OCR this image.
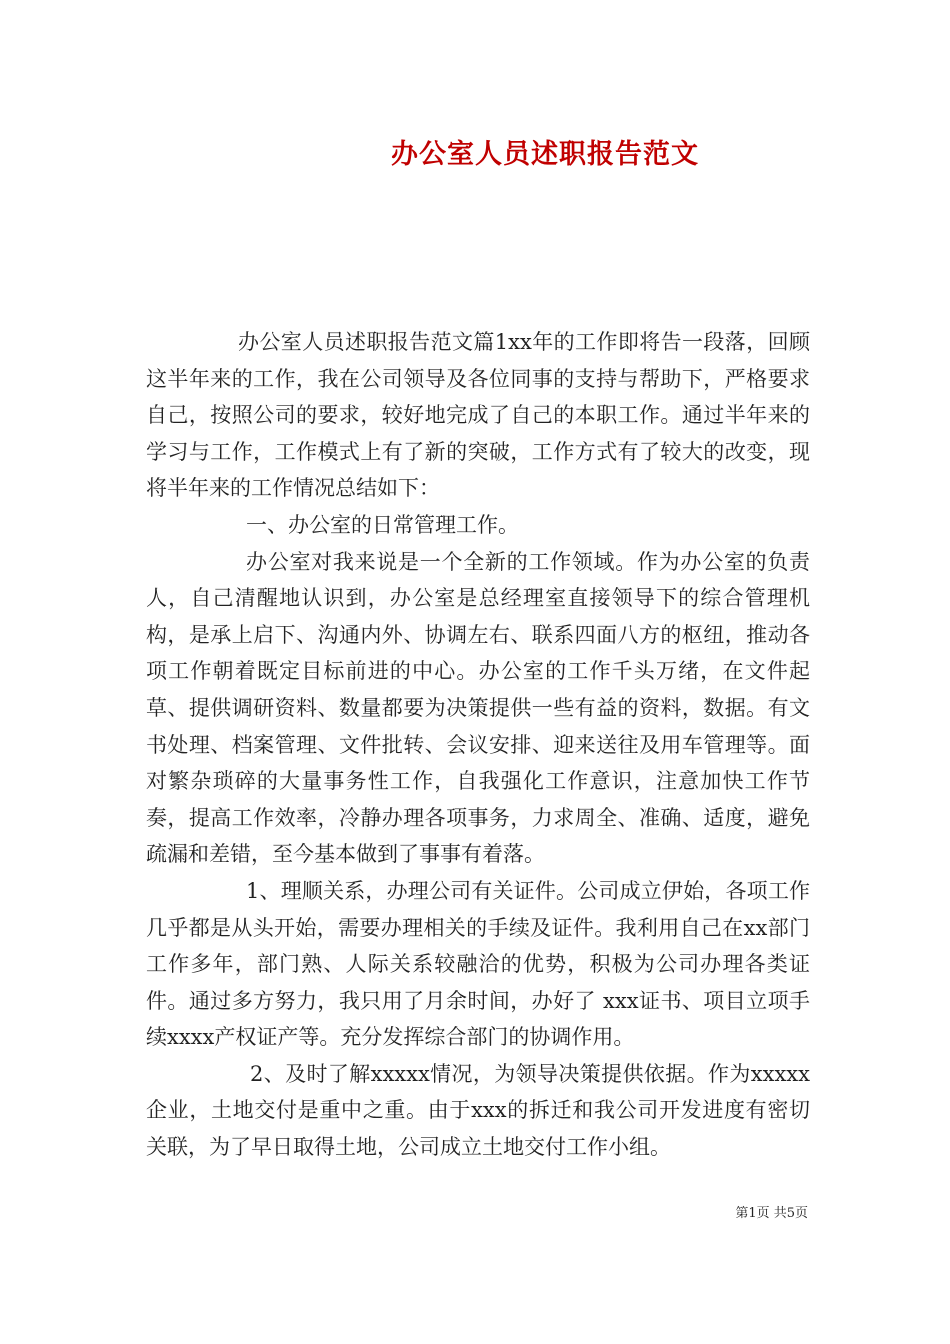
办公室人员述职报告范文

办公室人员述职报告范文篇1xx年的工作即将告一段落，回顾这半年来的工作，我在公司领导及各位同事的支持与帮助下，严格要求自己，按照公司的要求，较好地完成了自己的本职工作。通过半年来的学习与工作，工作模式上有了新的突破，工作方式有了较大的改变，现将半年来的工作情况总结如下：

一、办公室的日常管理工作。

办公室对我来说是一个全新的工作领域。作为办公室的负责人，自己清醒地认识到，办公室是总经理室直接领导下的综合管理机构，是承上启下、沟通内外、协调左右、联系四面八方的枢纽，推动各项工作朝着既定目标前进的中心。办公室的工作千头万绪，在文件起草、提供调研资料、数量都要为决策提供一些有益的资料，数据。有文书处理、档案管理、文件批转、会议安排、迎来送往及用车管理等。面对繁杂琐碎的大量事务性工作，自我强化工作意识，注意加快工作节奏，提高工作效率，冷静办理各项事务，力求周全、准确、适度，避免疏漏和差错，至今基本做到了事事有着落。

1、理顺关系，办理公司有关证件。公司成立伊始，各项工作几乎都是从头开始，需要办理相关的手续及证件。我利用自己在xx部门工作多年，部门熟、人际关系较融洽的优势，积极为公司办理各类证件。通过多方努力，我只用了月余时间，办好了 xxx证书、项目立项手续xxxx产权证产等。充分发挥综合部门的协调作用。

2、及时了解xxxxx情况，为领导决策提供依据。作为xxxxx企业，土地交付是重中之重。由于xxx的拆迁和我公司开发进度有密切关联，为了早日取得土地，公司成立土地交付工作小组。

第1页 共5页
